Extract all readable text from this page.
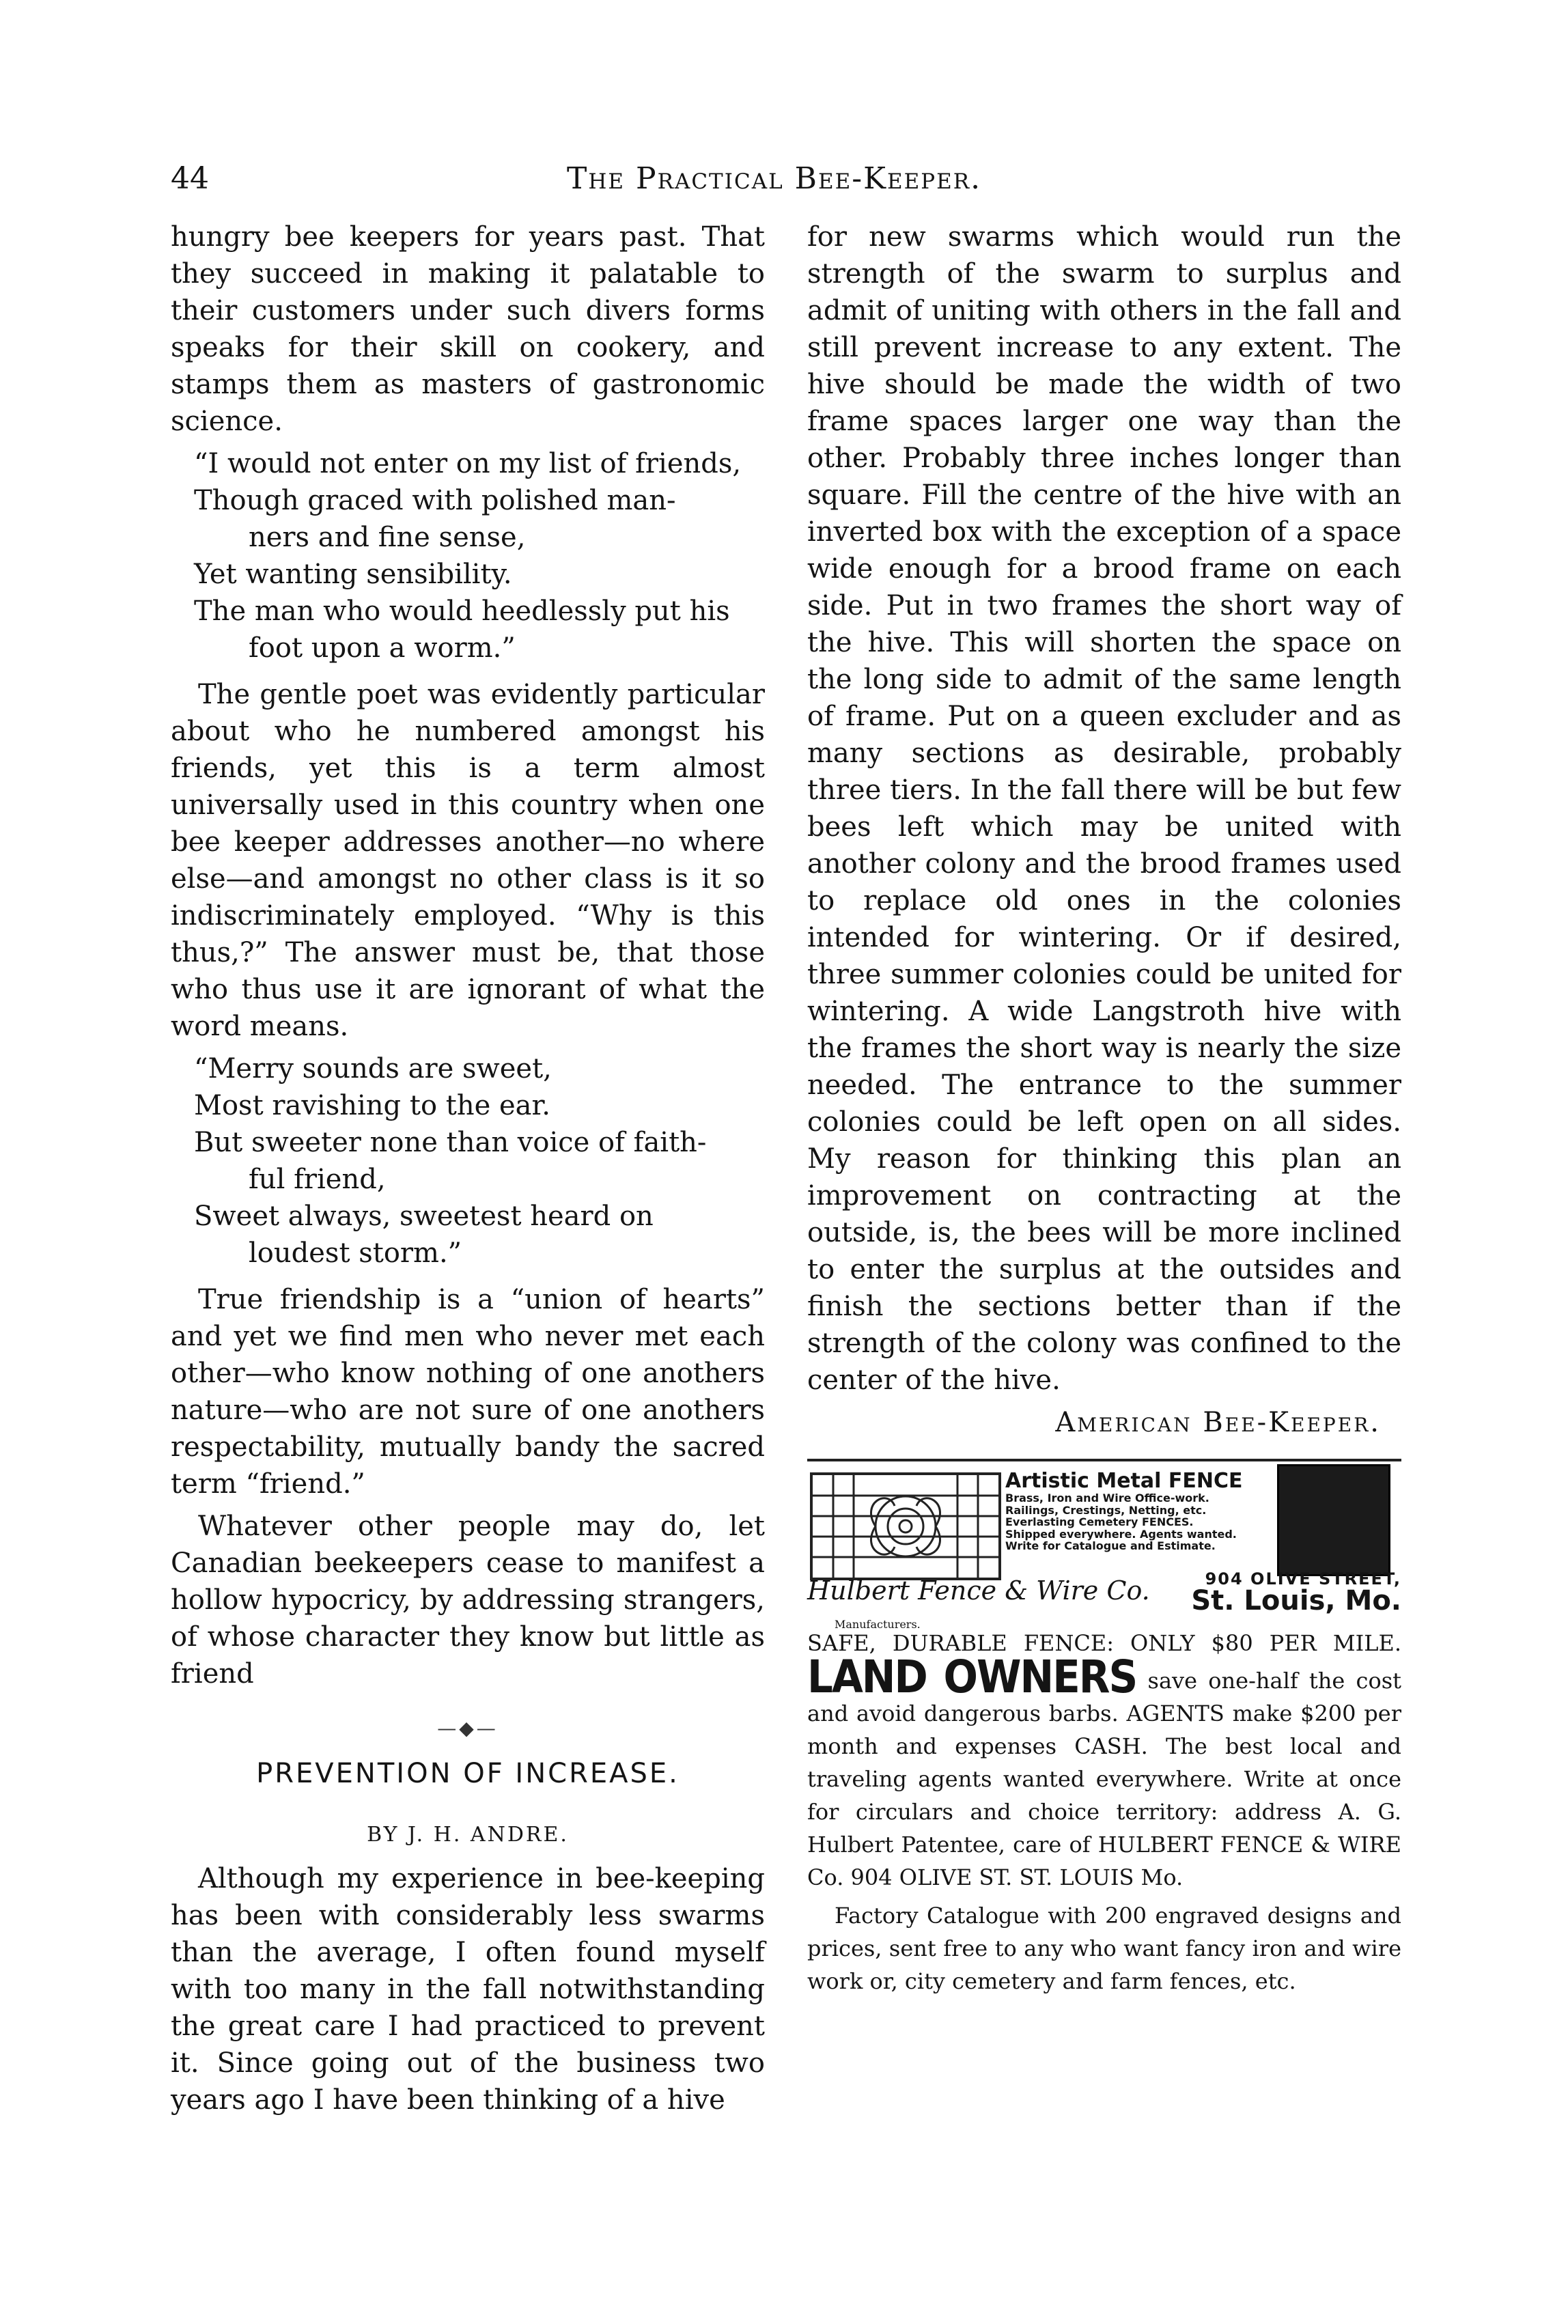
44	The Practical Bee-Keeper.

hungry bee keepers for years past. That they succeed in making it palatable to their customers under such divers forms speaks for their skill on cookery, and stamps them as masters of gastronomic science.

“I would not enter on my list of friends,
Though graced with polished man-
ners and fine sense,
Yet wanting sensibility.
The man who would heedlessly put his
foot upon a worm.”

The gentle poet was evidently particular about who he numbered amongst his friends, yet this is a term almost universally used in this country when one bee keeper addresses another—no where else—and amongst no other class is it so indiscriminately employed. “Why is this thus,?” The answer must be, that those who thus use it are ignorant of what the word means.

“Merry sounds are sweet,
Most ravishing to the ear.
But sweeter none than voice of faith-
ful friend,
Sweet always, sweetest heard on
loudest storm.”

True friendship is a “union of hearts” and yet we find men who never met each other—who know nothing of one anothers nature—who are not sure of one anothers respectability, mutually bandy the sacred term “friend.”

Whatever other people may do, let Canadian beekeepers cease to manifest a hollow hypocricy, by addressing strangers, of whose character they know but little as friend

—◆—
PREVENTION OF INCREASE.
BY J. H. ANDRE.

Although my experience in bee-keeping has been with considerably less swarms than the average, I often found myself with too many in the fall notwithstanding the great care I had practiced to prevent it. Since going out of the business two years ago I have been thinking of a hive

for new swarms which would run the strength of the swarm to surplus and admit of uniting with others in the fall and still prevent increase to any extent. The hive should be made the width of two frame spaces larger one way than the other. Probably three inches longer than square. Fill the centre of the hive with an inverted box with the exception of a space wide enough for a brood frame on each side. Put in two frames the short way of the hive. This will shorten the space on the long side to admit of the same length of frame. Put on a queen excluder and as many sections as desirable, probably three tiers. In the fall there will be but few bees left which may be united with another colony and the brood frames used to replace old ones in the colonies intended for wintering. Or if desired, three summer colonies could be united for wintering. A wide Langstroth hive with the frames the short way is nearly the size needed. The entrance to the summer colonies could be left open on all sides. My reason for thinking this plan an improvement on contracting at the outside, is, the bees will be more inclined to enter the surplus at the outsides and finish the sections better than if the strength of the colony was confined to the center of the hive.

American Bee-Keeper.
Artistic Metal FENCE
Brass, Iron and Wire Office-work.
Railings, Crestings, Netting, etc.
Everlasting Cemetery FENCES.
Shipped everywhere. Agents wanted.
Write for Catalogue and Estimate.
Hulbert Fence & Wire Co.
Manufacturers.
904 OLIVE STREET,
St. Louis, Mo.

SAFE, DURABLE FENCE: ONLY $80 PER MILE. LAND OWNERS save one-half the cost and avoid dangerous barbs. AGENTS make $200 per month and expenses CASH. The best local and traveling agents wanted everywhere. Write at once for circulars and choice territory: address A. G. Hulbert Patentee, care of HULBERT FENCE & WIRE Co. 904 OLIVE ST. ST. LOUIS Mo.

Factory Catalogue with 200 engraved designs and prices, sent free to any who want fancy iron and wire work or, city cemetery and farm fences, etc.
